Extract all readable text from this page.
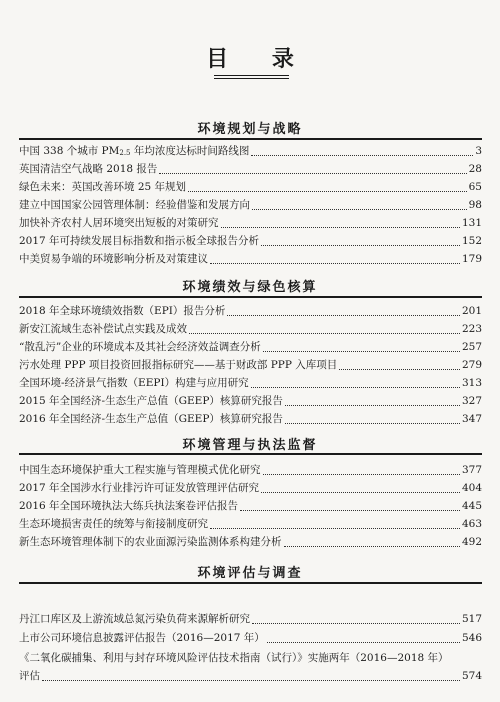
目 录
环境规划与战略
中国 338 个城市 $PM_{2.5}$ 年均浓度达标时间路线图	3
英国清洁空气战略 2018 报告	28
绿色未来：英国改善环境 25 年规划	65
建立中国国家公园管理体制：经验借鉴和发展方向	98
加快补齐农村人居环境突出短板的对策研究	131
2017 年可持续发展目标指数和指示板全球报告分析	152
中美贸易争端的环境影响分析及对策建议	179
环境绩效与绿色核算
2018 年全球环境绩效指数（EPI）报告分析	201
新安江流域生态补偿试点实践及成效	223
“散乱污”企业的环境成本及其社会经济效益调查分析	257
污水处理 PPP 项目投资回报指标研究——基于财政部 PPP 入库项目	279
全国环境-经济景气指数（EEPI）构建与应用研究	313
2015 年全国经济-生态生产总值（GEEP）核算研究报告	327
2016 年全国经济-生态生产总值（GEEP）核算研究报告	347
环境管理与执法监督
中国生态环境保护重大工程实施与管理模式优化研究	377
2017 年全国涉水行业排污许可证发放管理评估研究	404
2016 年全国环境执法大练兵执法案卷评估报告	445
生态环境损害责任的统筹与衔接制度研究	463
新生态环境管理体制下的农业面源污染监测体系构建分析	492
环境评估与调查
丹江口库区及上游流域总氮污染负荷来源解析研究	517
上市公司环境信息披露评估报告（2016—2017 年）	546
《二氧化碳捕集、利用与封存环境风险评估技术指南（试行）》实施两年（2016—2018 年）
评估	574
